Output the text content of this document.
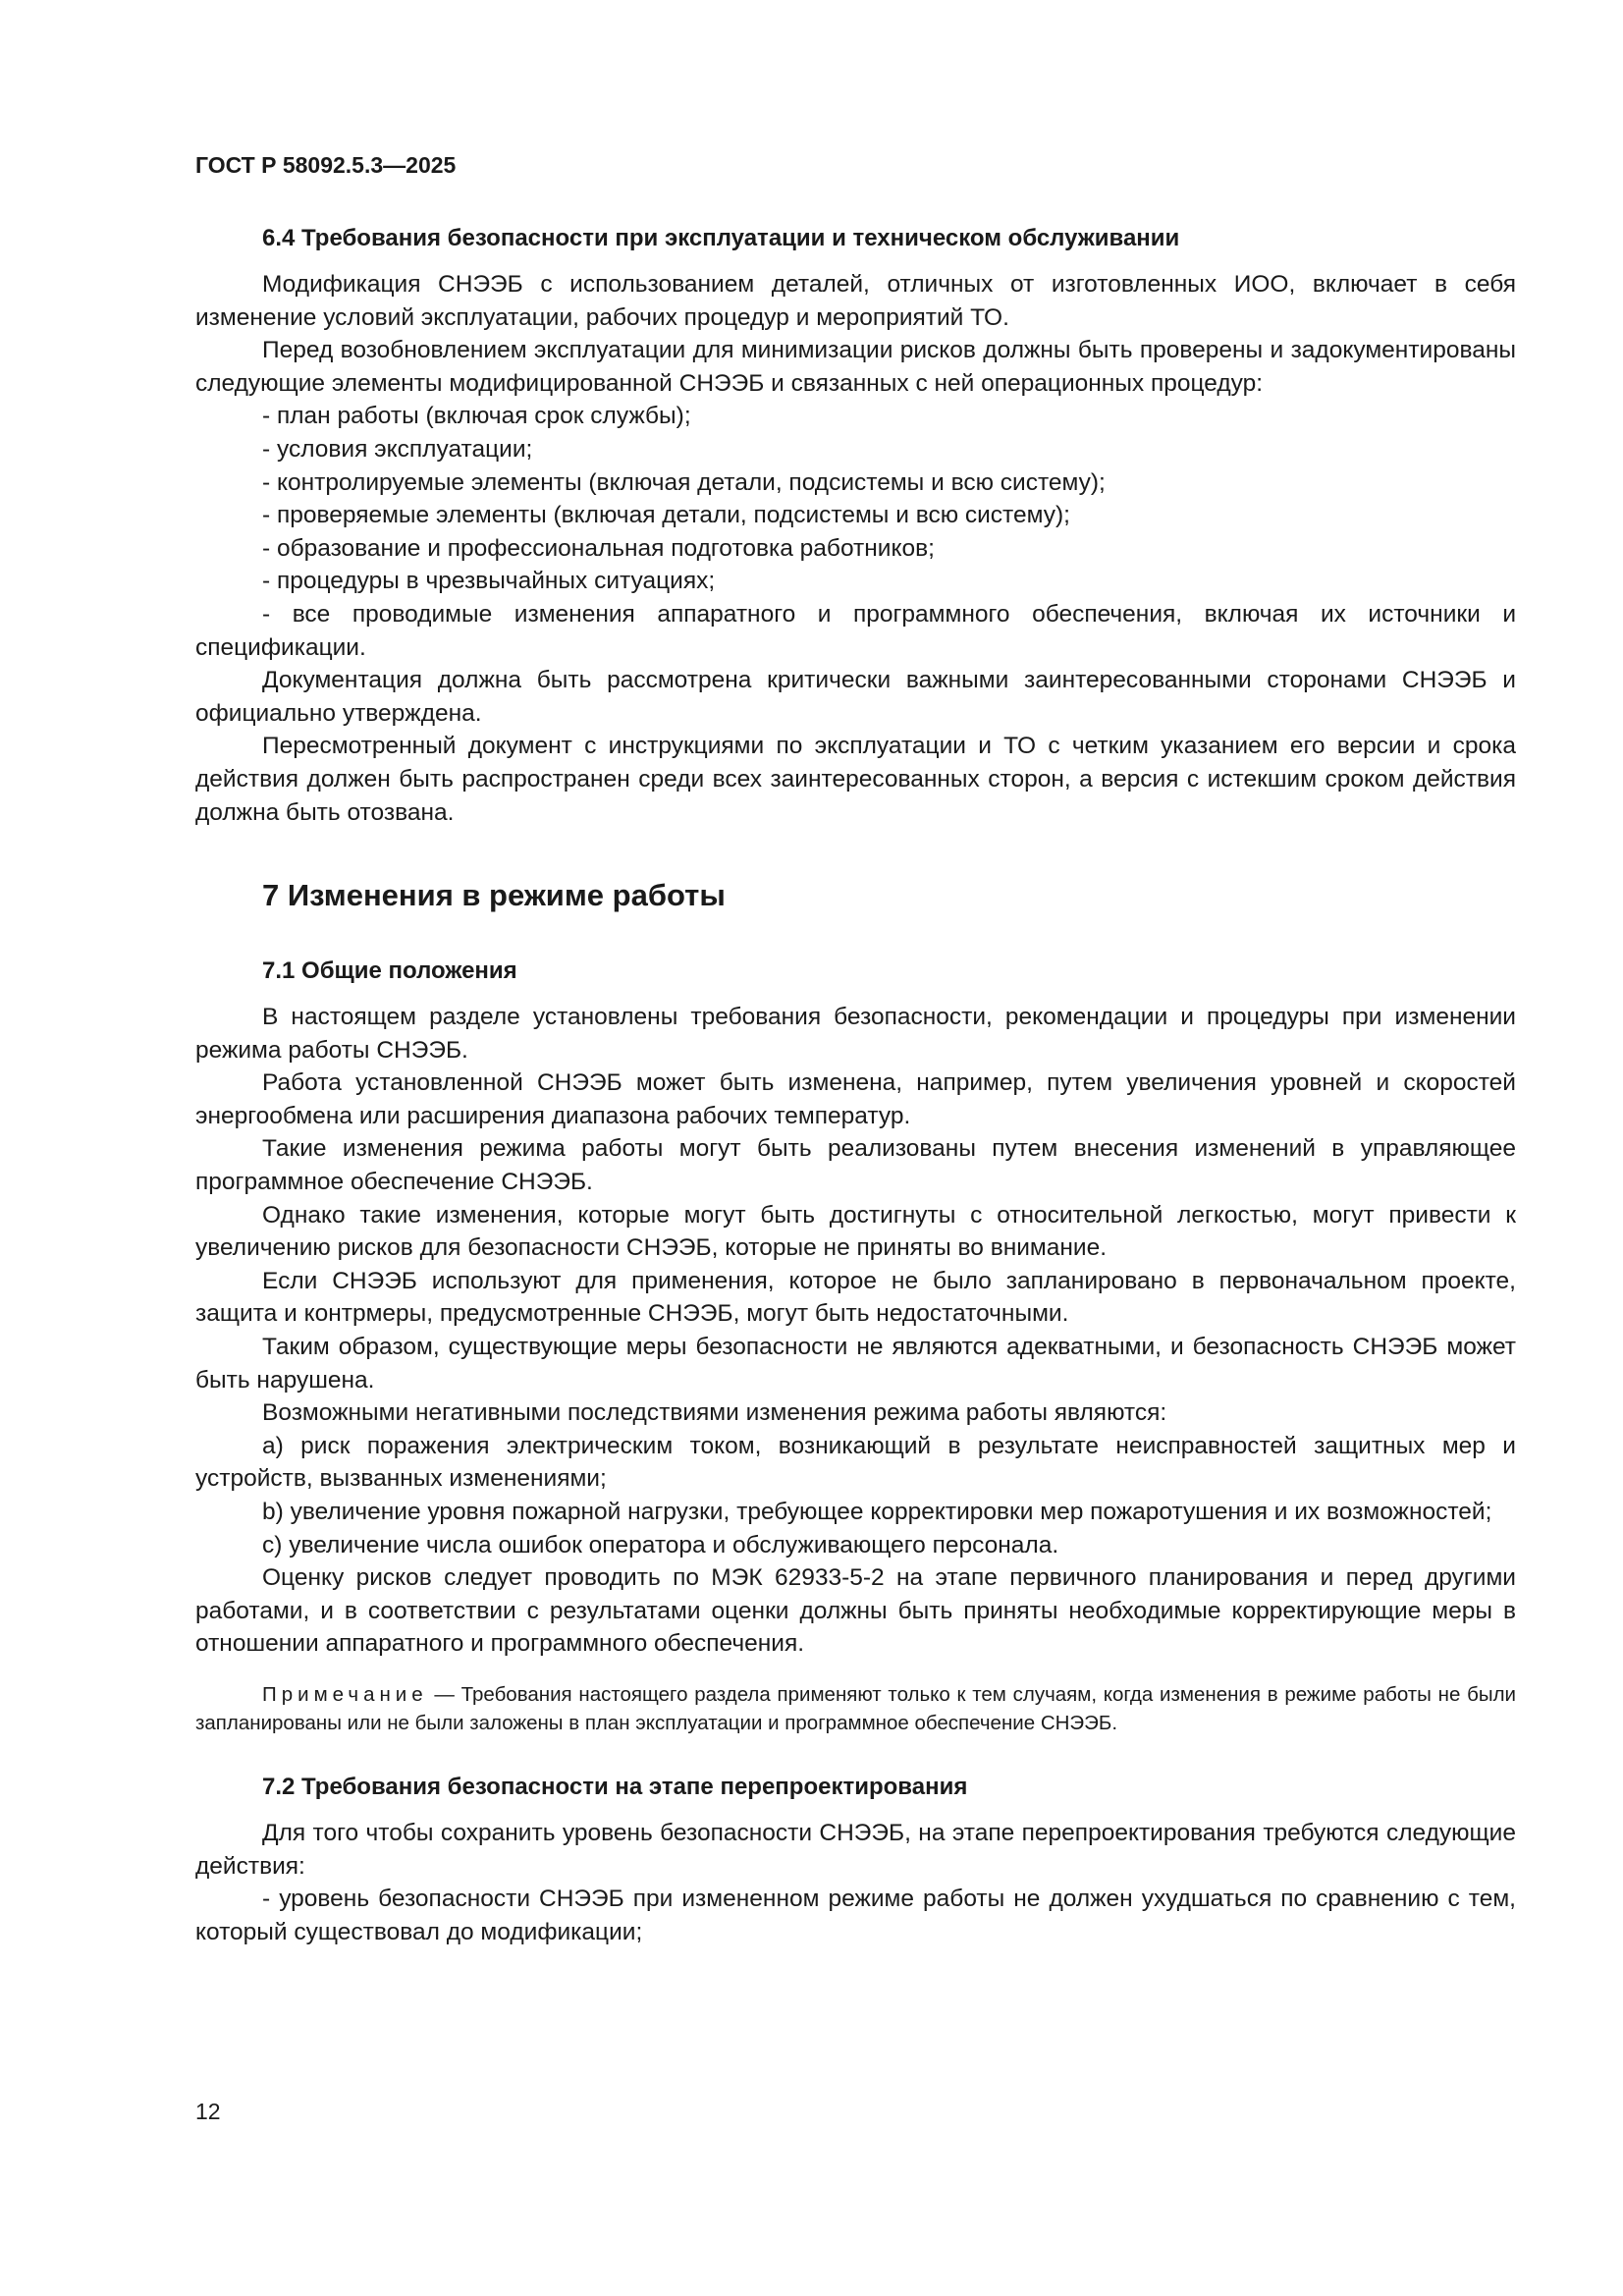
ГОСТ Р 58092.5.3—2025

6.4 Требования безопасности при эксплуатации и техническом обслуживании

Модификация СНЭЭБ с использованием деталей, отличных от изготовленных ИОО, включает в себя изменение условий эксплуатации, рабочих процедур и мероприятий ТО.

Перед возобновлением эксплуатации для минимизации рисков должны быть проверены и задокументированы следующие элементы модифицированной СНЭЭБ и связанных с ней операционных процедур:

- план работы (включая срок службы);

- условия эксплуатации;

- контролируемые элементы (включая детали, подсистемы и всю систему);

- проверяемые элементы (включая детали, подсистемы и всю систему);

- образование и профессиональная подготовка работников;

- процедуры в чрезвычайных ситуациях;

- все проводимые изменения аппаратного и программного обеспечения, включая их источники и спецификации.

Документация должна быть рассмотрена критически важными заинтересованными сторонами СНЭЭБ и официально утверждена.

Пересмотренный документ с инструкциями по эксплуатации и ТО с четким указанием его версии и срока действия должен быть распространен среди всех заинтересованных сторон, а версия с истекшим сроком действия должна быть отозвана.

7 Изменения в режиме работы

7.1 Общие положения

В настоящем разделе установлены требования безопасности, рекомендации и процедуры при изменении режима работы СНЭЭБ.

Работа установленной СНЭЭБ может быть изменена, например, путем увеличения уровней и скоростей энергообмена или расширения диапазона рабочих температур.

Такие изменения режима работы могут быть реализованы путем внесения изменений в управляющее программное обеспечение СНЭЭБ.

Однако такие изменения, которые могут быть достигнуты с относительной легкостью, могут привести к увеличению рисков для безопасности СНЭЭБ, которые не приняты во внимание.

Если СНЭЭБ используют для применения, которое не было запланировано в первоначальном проекте, защита и контрмеры, предусмотренные СНЭЭБ, могут быть недостаточными.

Таким образом, существующие меры безопасности не являются адекватными, и безопасность СНЭЭБ может быть нарушена.

Возможными негативными последствиями изменения режима работы являются:

a) риск поражения электрическим током, возникающий в результате неисправностей защитных мер и устройств, вызванных изменениями;

b) увеличение уровня пожарной нагрузки, требующее корректировки мер пожаротушения и их возможностей;

c) увеличение числа ошибок оператора и обслуживающего персонала.

Оценку рисков следует проводить по МЭК 62933-5-2 на этапе первичного планирования и перед другими работами, и в соответствии с результатами оценки должны быть приняты необходимые корректирующие меры в отношении аппаратного и программного обеспечения.

Примечание — Требования настоящего раздела применяют только к тем случаям, когда изменения в режиме работы не были запланированы или не были заложены в план эксплуатации и программное обеспечение СНЭЭБ.

7.2 Требования безопасности на этапе перепроектирования

Для того чтобы сохранить уровень безопасности СНЭЭБ, на этапе перепроектирования требуются следующие действия:

- уровень безопасности СНЭЭБ при измененном режиме работы не должен ухудшаться по сравнению с тем, который существовал до модификации;

12
